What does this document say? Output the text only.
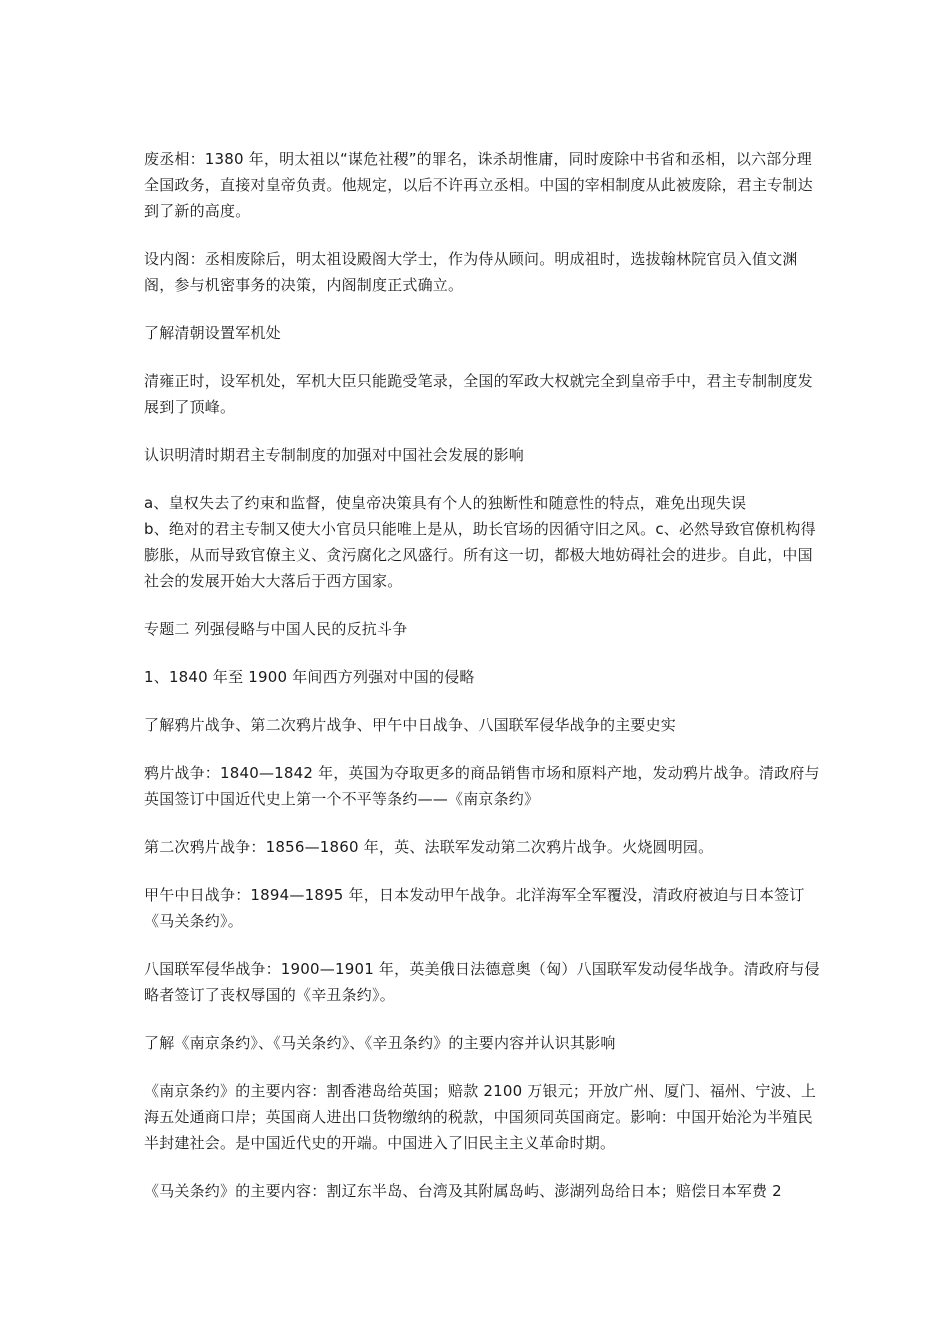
废丞相：1380 年，明太祖以“谋危社稷”的罪名，诛杀胡惟庸，同时废除中书省和丞相，以六部分理全国政务，直接对皇帝负责。他规定，以后不许再立丞相。中国的宰相制度从此被废除，君主专制达到了新的高度。

设内阁：丞相废除后，明太祖设殿阁大学士，作为侍从顾问。明成祖时，选拔翰林院官员入值文渊阁，参与机密事务的决策，内阁制度正式确立。

了解清朝设置军机处

清雍正时，设军机处，军机大臣只能跪受笔录，全国的军政大权就完全到皇帝手中，君主专制制度发展到了顶峰。

认识明清时期君主专制制度的加强对中国社会发展的影响

a、皇权失去了约束和监督，使皇帝决策具有个人的独断性和随意性的特点，难免出现失误
b、绝对的君主专制又使大小官员只能唯上是从，助长官场的因循守旧之风。c、必然导致官僚机构得膨胀，从而导致官僚主义、贪污腐化之风盛行。所有这一切，都极大地妨碍社会的进步。自此，中国社会的发展开始大大落后于西方国家。

专题二 列强侵略与中国人民的反抗斗争

1、1840 年至 1900 年间西方列强对中国的侵略

了解鸦片战争、第二次鸦片战争、甲午中日战争、八国联军侵华战争的主要史实

鸦片战争：1840—1842 年，英国为夺取更多的商品销售市场和原料产地，发动鸦片战争。清政府与英国签订中国近代史上第一个不平等条约——《南京条约》

第二次鸦片战争：1856—1860 年，英、法联军发动第二次鸦片战争。火烧圆明园。

甲午中日战争：1894—1895 年，日本发动甲午战争。北洋海军全军覆没，清政府被迫与日本签订《马关条约》。

八国联军侵华战争：1900—1901 年，英美俄日法德意奥（匈）八国联军发动侵华战争。清政府与侵略者签订了丧权辱国的《辛丑条约》。

了解《南京条约》、《马关条约》、《辛丑条约》的主要内容并认识其影响

《南京条约》的主要内容：割香港岛给英国；赔款 2100 万银元；开放广州、厦门、福州、宁波、上海五处通商口岸；英国商人进出口货物缴纳的税款，中国须同英国商定。影响：中国开始沦为半殖民半封建社会。是中国近代史的开端。中国进入了旧民主主义革命时期。

《马关条约》的主要内容：割辽东半岛、台湾及其附属岛屿、澎湖列岛给日本；赔偿日本军费 2
